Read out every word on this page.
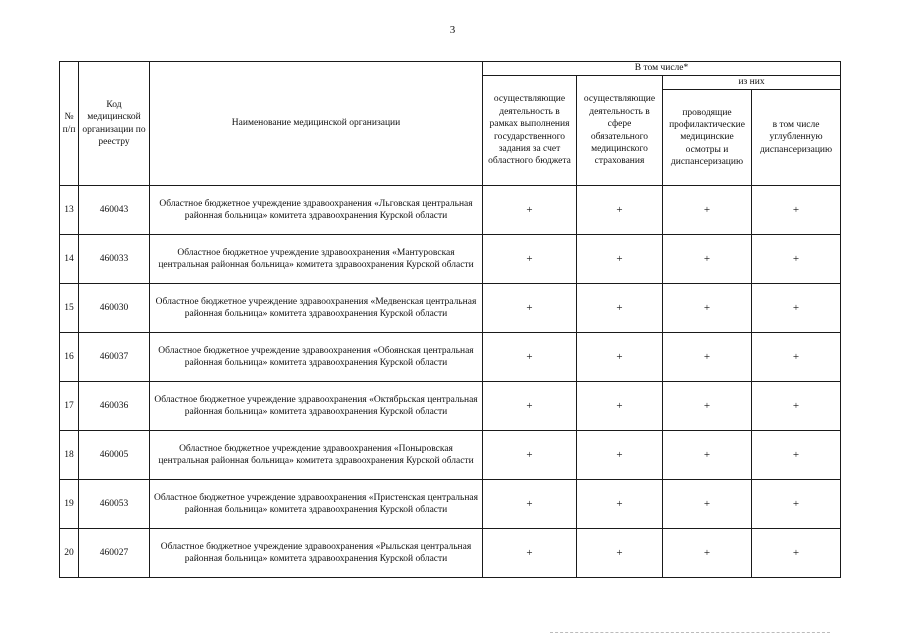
3
№ п/п	Код медицинской организации по реестру	Наименование медицинской организации	В том числе*			
			осуществляющие деятельность в рамках выполнения государственного задания за счет областного бюджета	осуществляющие деятельность в сфере обязательного медицинского страхования	из них	
					проводящие профилактические медицинские осмотры и диспансеризацию	в том числе углубленную диспансеризацию
13	460043	Областное бюджетное учреждение здравоохранения «Льговская центральная районная больница» комитета здравоохранения Курской области	+	+	+	+
14	460033	Областное бюджетное учреждение здравоохранения «Мантуровская центральная районная больница» комитета здравоохранения Курской области	+	+	+	+
15	460030	Областное бюджетное учреждение здравоохранения «Медвенская центральная районная больница» комитета здравоохранения Курской области	+	+	+	+
16	460037	Областное бюджетное учреждение здравоохранения «Обоянская центральная районная больница» комитета здравоохранения Курской области	+	+	+	+
17	460036	Областное бюджетное учреждение здравоохранения «Октябрьская центральная районная больница» комитета здравоохранения Курской области	+	+	+	+
18	460005	Областное бюджетное учреждение здравоохранения «Поныровская центральная районная больница» комитета здравоохранения Курской области	+	+	+	+
19	460053	Областное бюджетное учреждение здравоохранения «Пристенская центральная районная больница» комитета здравоохранения Курской области	+	+	+	+
20	460027	Областное бюджетное учреждение здравоохранения «Рыльская центральная районная больница» комитета здравоохранения Курской области	+	+	+	+
